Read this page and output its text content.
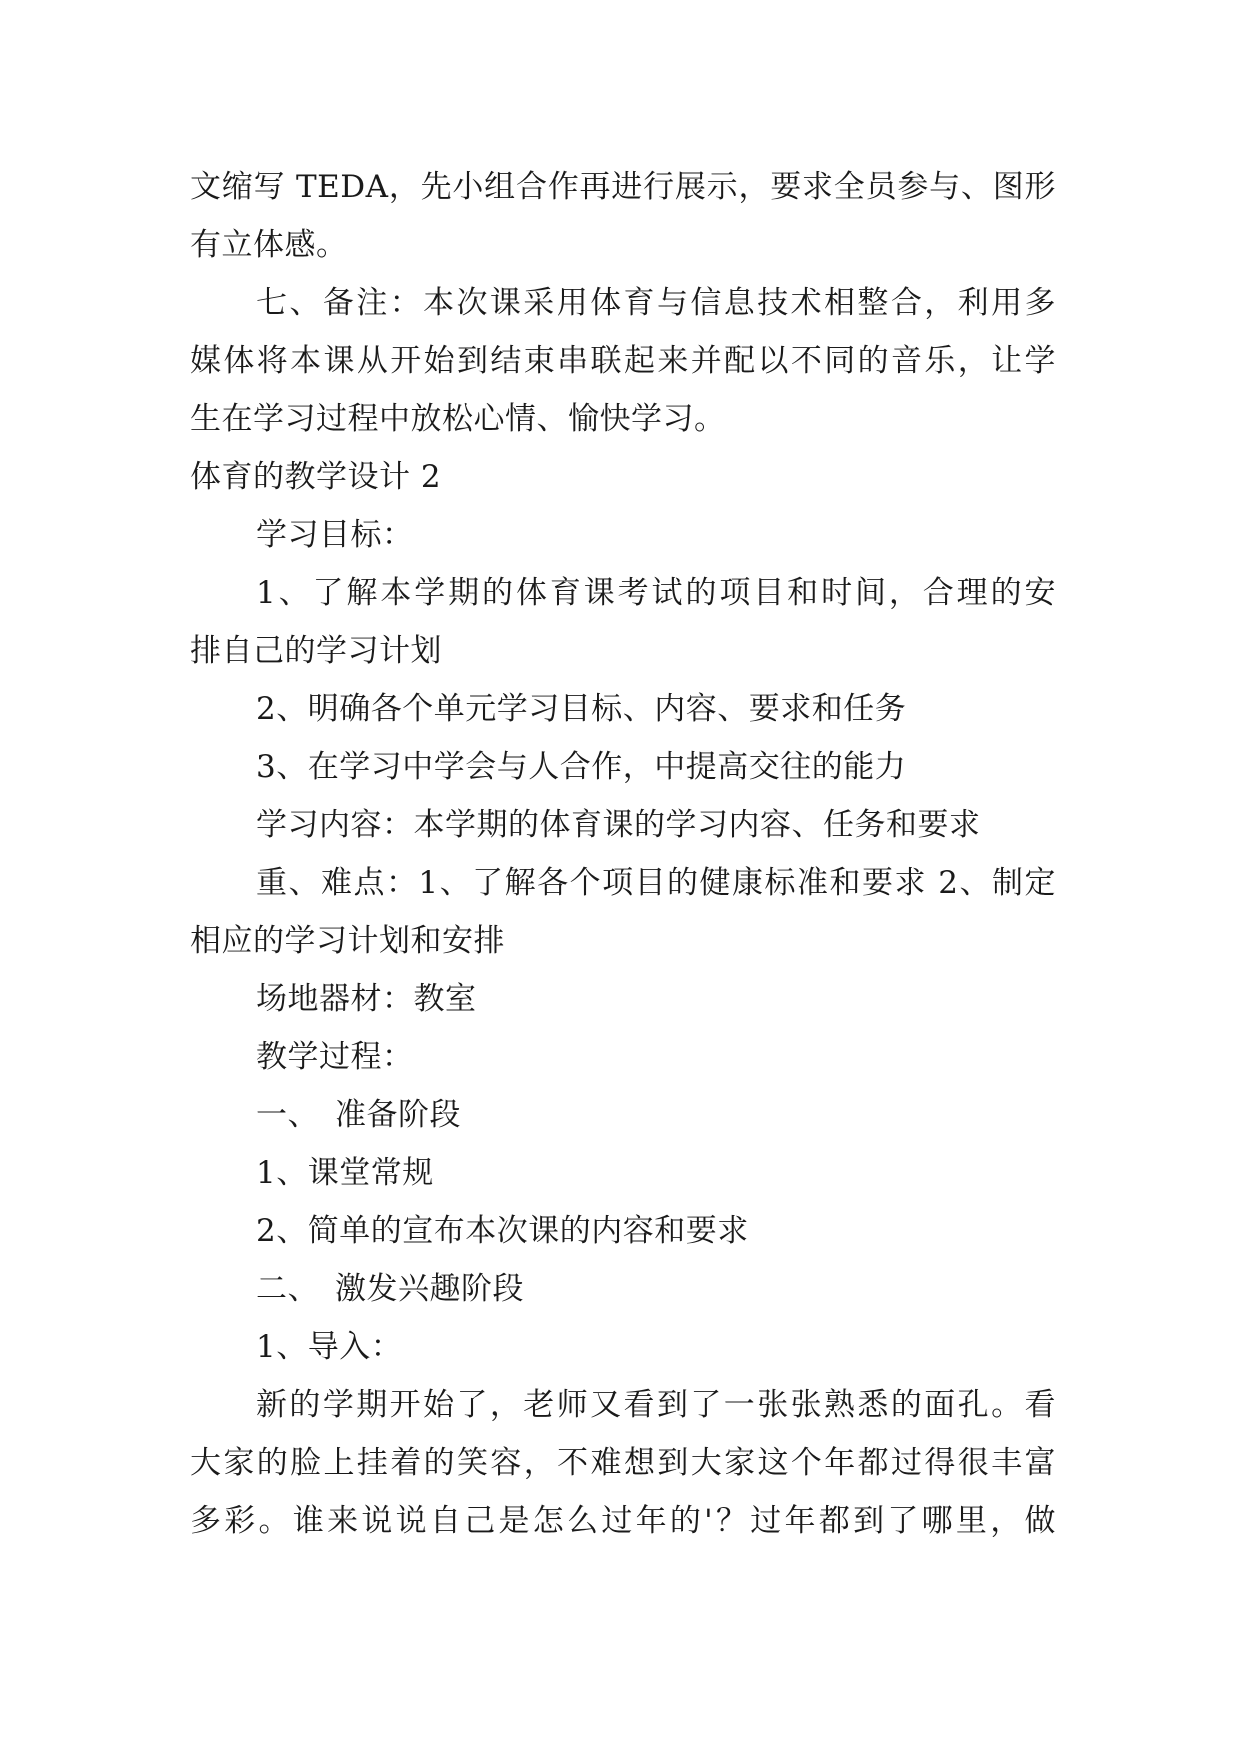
文缩写 TEDA，先小组合作再进行展示，要求全员参与、图形
有立体感。
七、备注：本次课采用体育与信息技术相整合，利用多
媒体将本课从开始到结束串联起来并配以不同的音乐，让学
生在学习过程中放松心情、愉快学习。
体育的教学设计 2
学习目标：
1、了解本学期的体育课考试的项目和时间，合理的安
排自己的学习计划
2、明确各个单元学习目标、内容、要求和任务
3、在学习中学会与人合作，中提高交往的能力
学习内容：本学期的体育课的学习内容、任务和要求
重、难点：1、了解各个项目的健康标准和要求 2、制定
相应的学习计划和安排
场地器材：教室
教学过程：
一、　准备阶段
1、课堂常规
2、简单的宣布本次课的内容和要求
二、　激发兴趣阶段
1、导入：
新的学期开始了，老师又看到了一张张熟悉的面孔。看
大家的脸上挂着的笑容，不难想到大家这个年都过得很丰富
多彩。谁来说说自己是怎么过年的'？过年都到了哪里，做
